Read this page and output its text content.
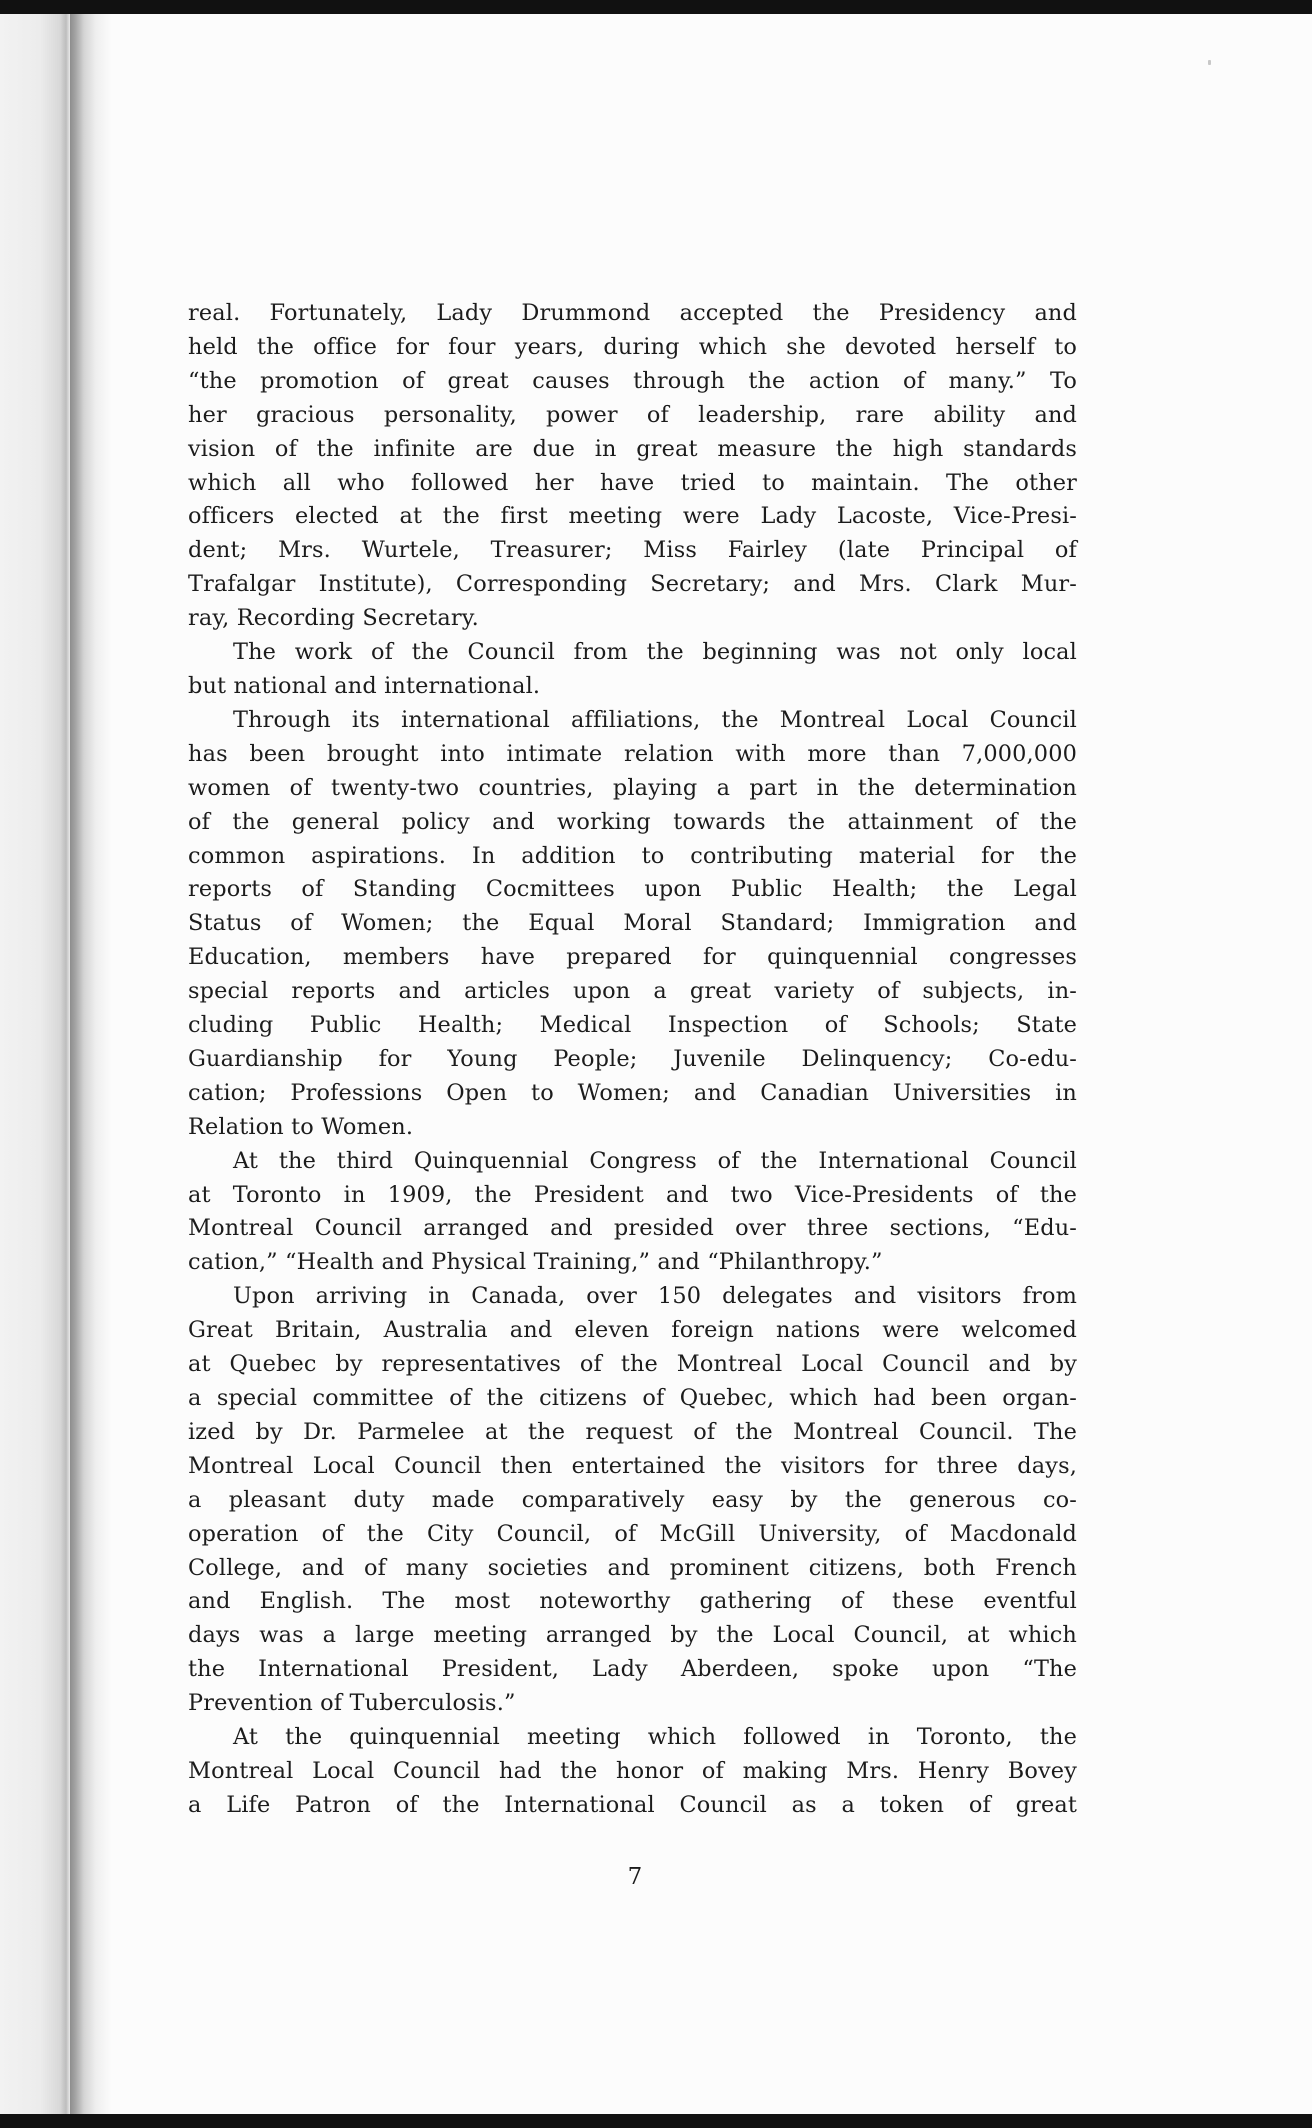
real. Fortunately, Lady Drummond accepted the Presidency and

held the office for four years, during which she devoted herself to

“the promotion of great causes through the action of many.” To

her gracious personality, power of leadership, rare ability and

vision of the infinite are due in great measure the high standards

which all who followed her have tried to maintain. The other

officers elected at the first meeting were Lady Lacoste, Vice-Presi-

dent; Mrs. Wurtele, Treasurer; Miss Fairley (late Principal of

Trafalgar Institute), Corresponding Secretary; and Mrs. Clark Mur-

ray, Recording Secretary.

The work of the Council from the beginning was not only local

but national and international.

Through its international affiliations, the Montreal Local Council

has been brought into intimate relation with more than 7,000,000

women of twenty-two countries, playing a part in the determination

of the general policy and working towards the attainment of the

common aspirations. In addition to contributing material for the

reports of Standing Cocmittees upon Public Health; the Legal

Status of Women; the Equal Moral Standard; Immigration and

Education, members have prepared for quinquennial congresses

special reports and articles upon a great variety of subjects, in-

cluding Public Health; Medical Inspection of Schools; State

Guardianship for Young People; Juvenile Delinquency; Co-edu-

cation; Professions Open to Women; and Canadian Universities in

Relation to Women.

At the third Quinquennial Congress of the International Council

at Toronto in 1909, the President and two Vice-Presidents of the

Montreal Council arranged and presided over three sections, “Edu-

cation,” “Health and Physical Training,” and “Philanthropy.”

Upon arriving in Canada, over 150 delegates and visitors from

Great Britain, Australia and eleven foreign nations were welcomed

at Quebec by representatives of the Montreal Local Council and by

a special committee of the citizens of Quebec, which had been organ-

ized by Dr. Parmelee at the request of the Montreal Council. The

Montreal Local Council then entertained the visitors for three days,

a pleasant duty made comparatively easy by the generous co-

operation of the City Council, of McGill University, of Macdonald

College, and of many societies and prominent citizens, both French

and English. The most noteworthy gathering of these eventful

days was a large meeting arranged by the Local Council, at which

the International President, Lady Aberdeen, spoke upon “The

Prevention of Tuberculosis.”

At the quinquennial meeting which followed in Toronto, the

Montreal Local Council had the honor of making Mrs. Henry Bovey

a Life Patron of the International Council as a token of great

7
